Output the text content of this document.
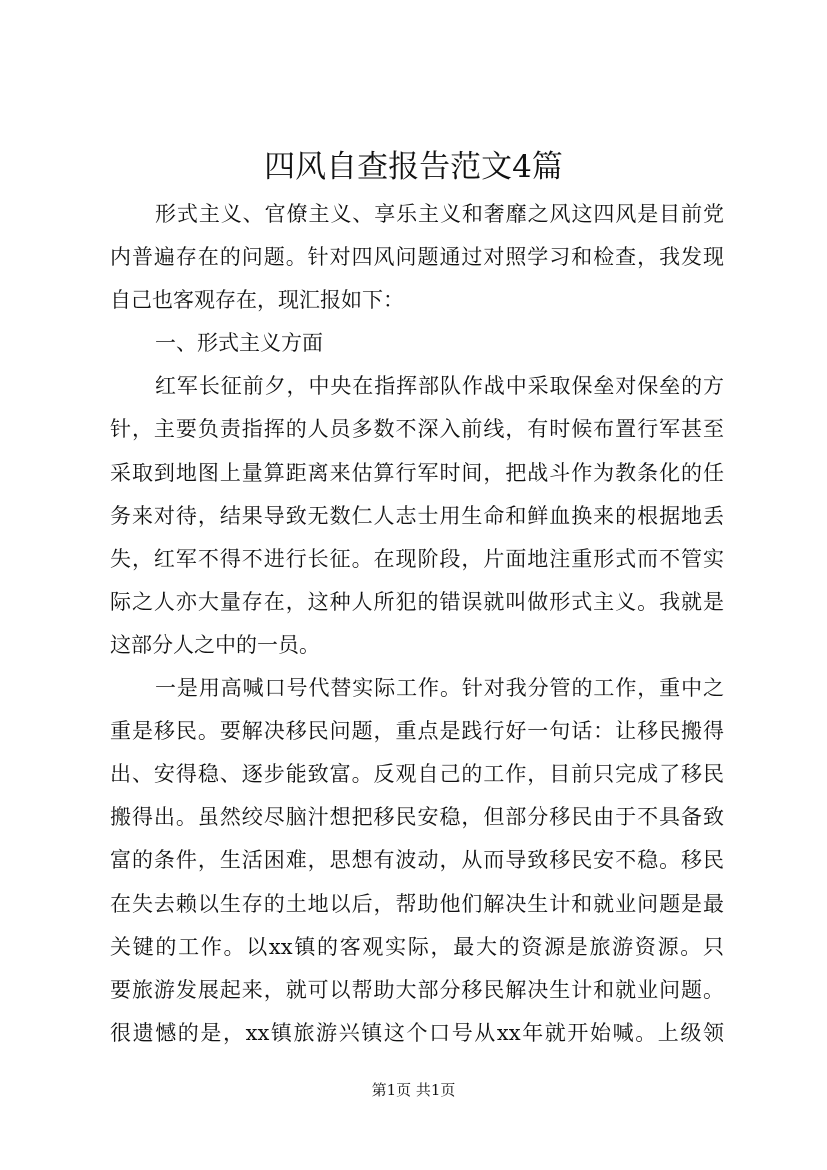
四风自查报告范文4篇
形式主义、官僚主义、享乐主义和奢靡之风这四风是目前党
内普遍存在的问题。针对四风问题通过对照学习和检查，我发现
自己也客观存在，现汇报如下：
一、形式主义方面
红军长征前夕，中央在指挥部队作战中采取保垒对保垒的方
针，主要负责指挥的人员多数不深入前线，有时候布置行军甚至
采取到地图上量算距离来估算行军时间，把战斗作为教条化的任
务来对待，结果导致无数仁人志士用生命和鲜血换来的根据地丢
失，红军不得不进行长征。在现阶段，片面地注重形式而不管实
际之人亦大量存在，这种人所犯的错误就叫做形式主义。我就是
这部分人之中的一员。
一是用高喊口号代替实际工作。针对我分管的工作，重中之
重是移民。要解决移民问题，重点是践行好一句话：让移民搬得
出、安得稳、逐步能致富。反观自己的工作，目前只完成了移民
搬得出。虽然绞尽脑汁想把移民安稳，但部分移民由于不具备致
富的条件，生活困难，思想有波动，从而导致移民安不稳。移民
在失去赖以生存的土地以后，帮助他们解决生计和就业问题是最
关键的工作。以xx镇的客观实际，最大的资源是旅游资源。只
要旅游发展起来，就可以帮助大部分移民解决生计和就业问题。
很遗憾的是，xx镇旅游兴镇这个口号从xx年就开始喊。上级领
第1页 共1页
